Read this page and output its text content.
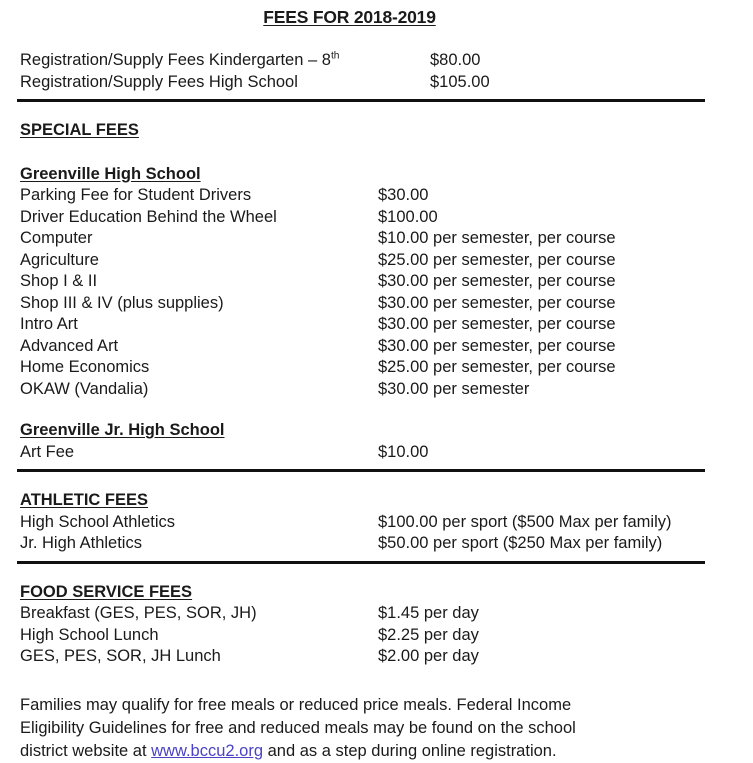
FEES FOR 2018-2019
Registration/Supply Fees Kindergarten – 8th	$80.00
Registration/Supply Fees High School	$105.00
SPECIAL FEES
Greenville High School
Parking Fee for Student Drivers	$30.00
Driver Education Behind the Wheel	$100.00
Computer	$10.00 per semester, per course
Agriculture	$25.00 per semester, per course
Shop I & II	$30.00 per semester, per course
Shop III & IV (plus supplies)	$30.00 per semester, per course
Intro Art	$30.00 per semester, per course
Advanced Art	$30.00 per semester, per course
Home Economics	$25.00 per semester, per course
OKAW (Vandalia)	$30.00 per semester
Greenville Jr. High School
Art Fee	$10.00
ATHLETIC FEES
High School Athletics	$100.00 per sport ($500 Max per family)
Jr. High Athletics	$50.00 per sport ($250 Max per family)
FOOD SERVICE FEES
Breakfast (GES, PES, SOR, JH)	$1.45 per day
High School Lunch	$2.25 per day
GES, PES, SOR, JH Lunch	$2.00 per day
Families may qualify for free meals or reduced price meals. Federal Income
Eligibility Guidelines for free and reduced meals may be found on the school
district website at www.bccu2.org and as a step during online registration.
